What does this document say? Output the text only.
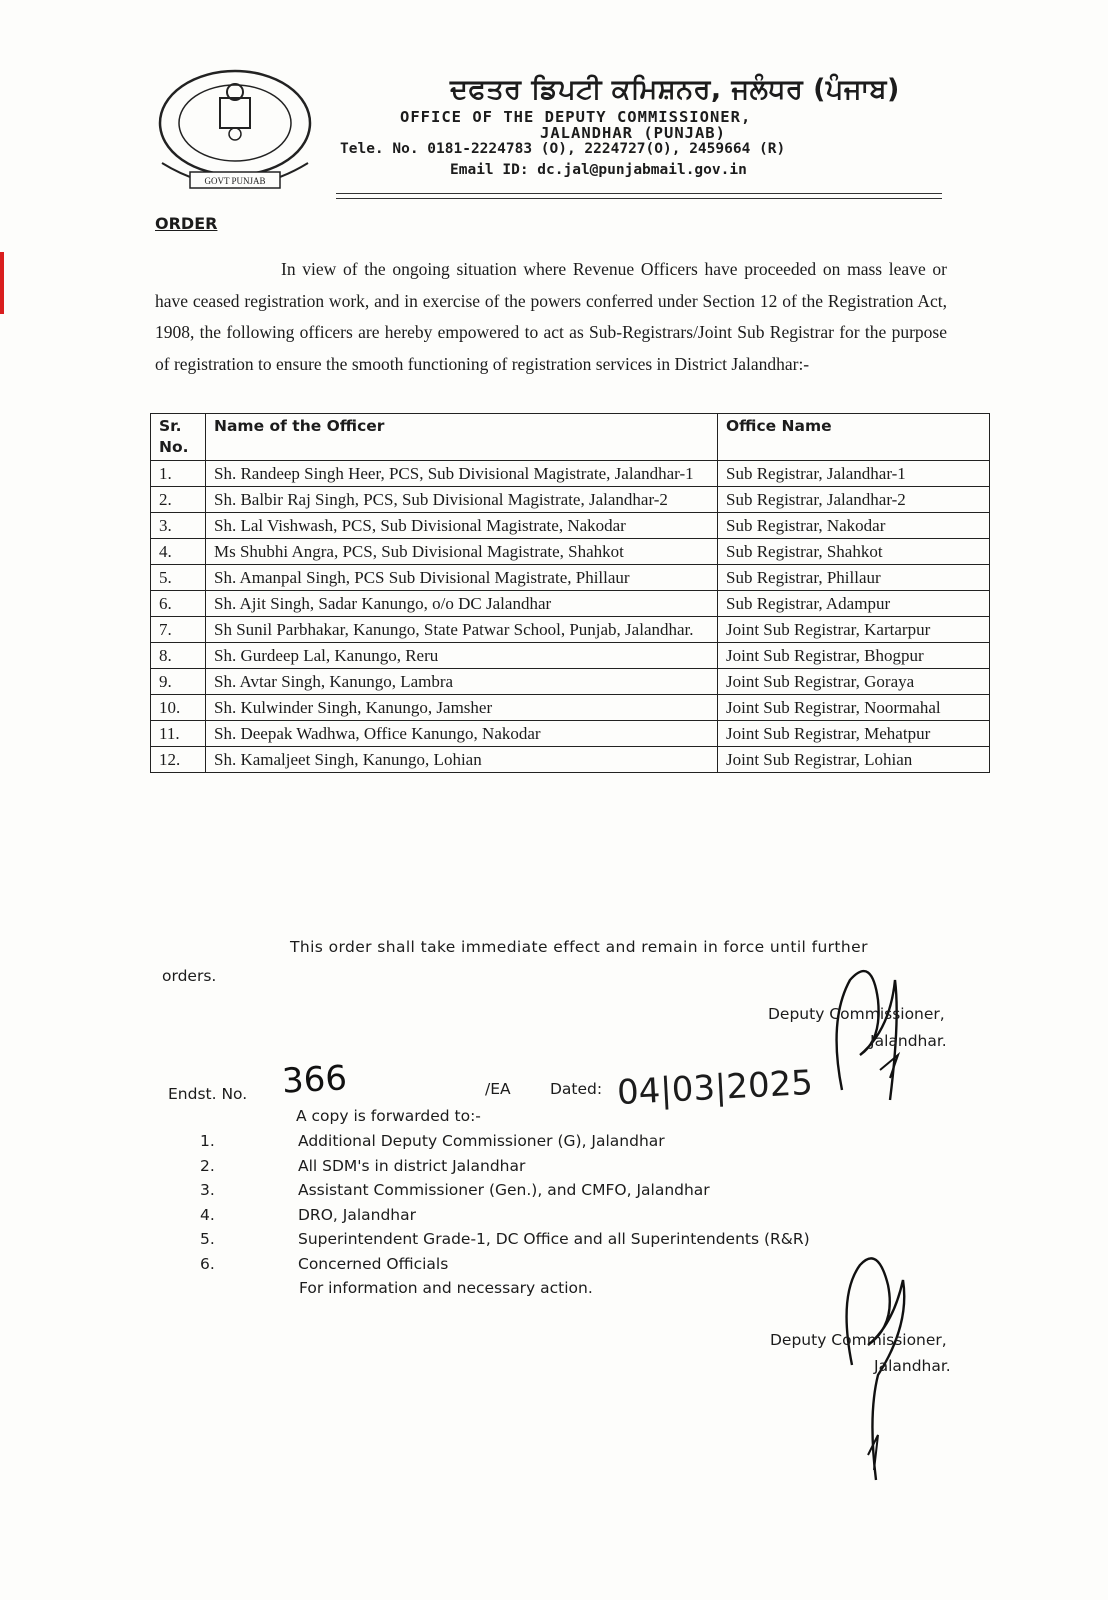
GOVT PUNJAB
ਦਫਤਰ ਡਿਪਟੀ ਕਮਿਸ਼ਨਰ, ਜਲੰਧਰ (ਪੰਜਾਬ)
OFFICE OF THE DEPUTY COMMISSIONER,
JALANDHAR (PUNJAB)
Tele. No. 0181-2224783 (O), 2224727(O), 2459664 (R)
Email ID: dc.jal@punjabmail.gov.in
ORDER
In view of the ongoing situation where Revenue Officers have proceeded on mass leave or have ceased registration work, and in exercise of the powers conferred under Section 12 of the Registration Act, 1908, the following officers are hereby empowered to act as Sub-Registrars/Joint Sub Registrar for the purpose of registration to ensure the smooth functioning of registration services in District Jalandhar:-
Sr. No.	Name of the Officer	Office Name
1.	Sh. Randeep Singh Heer, PCS, Sub Divisional Magistrate, Jalandhar-1	Sub Registrar, Jalandhar-1
2.	Sh. Balbir Raj Singh, PCS, Sub Divisional Magistrate, Jalandhar-2	Sub Registrar, Jalandhar-2
3.	Sh. Lal Vishwash, PCS, Sub Divisional Magistrate, Nakodar	Sub Registrar, Nakodar
4.	Ms Shubhi Angra, PCS, Sub Divisional Magistrate, Shahkot	Sub Registrar, Shahkot
5.	Sh. Amanpal Singh, PCS Sub Divisional Magistrate, Phillaur	Sub Registrar, Phillaur
6.	Sh. Ajit Singh, Sadar Kanungo, o/o DC Jalandhar	Sub Registrar, Adampur
7.	Sh Sunil Parbhakar, Kanungo, State Patwar School, Punjab, Jalandhar.	Joint Sub Registrar, Kartarpur
8.	Sh. Gurdeep Lal, Kanungo, Reru	Joint Sub Registrar, Bhogpur
9.	Sh. Avtar Singh, Kanungo, Lambra	Joint Sub Registrar, Goraya
10.	Sh. Kulwinder Singh, Kanungo, Jamsher	Joint Sub Registrar, Noormahal
11.	Sh. Deepak Wadhwa, Office Kanungo, Nakodar	Joint Sub Registrar, Mehatpur
12.	Sh. Kamaljeet Singh, Kanungo, Lohian	Joint Sub Registrar, Lohian
This order shall take immediate effect and remain in force until further
orders.
Deputy Commissioner,
Jalandhar.
Endst. No. 366	/EA	Dated: 04|03|2025
A copy is forwarded to:-
1.	Additional Deputy Commissioner (G), Jalandhar
2.	All SDM's in district Jalandhar
3.	Assistant Commissioner (Gen.), and CMFO, Jalandhar
4.	DRO, Jalandhar
5.	Superintendent Grade-1, DC Office and all Superintendents (R&R)
6.	Concerned Officials
For information and necessary action.
Deputy Commissioner,
Jalandhar.
